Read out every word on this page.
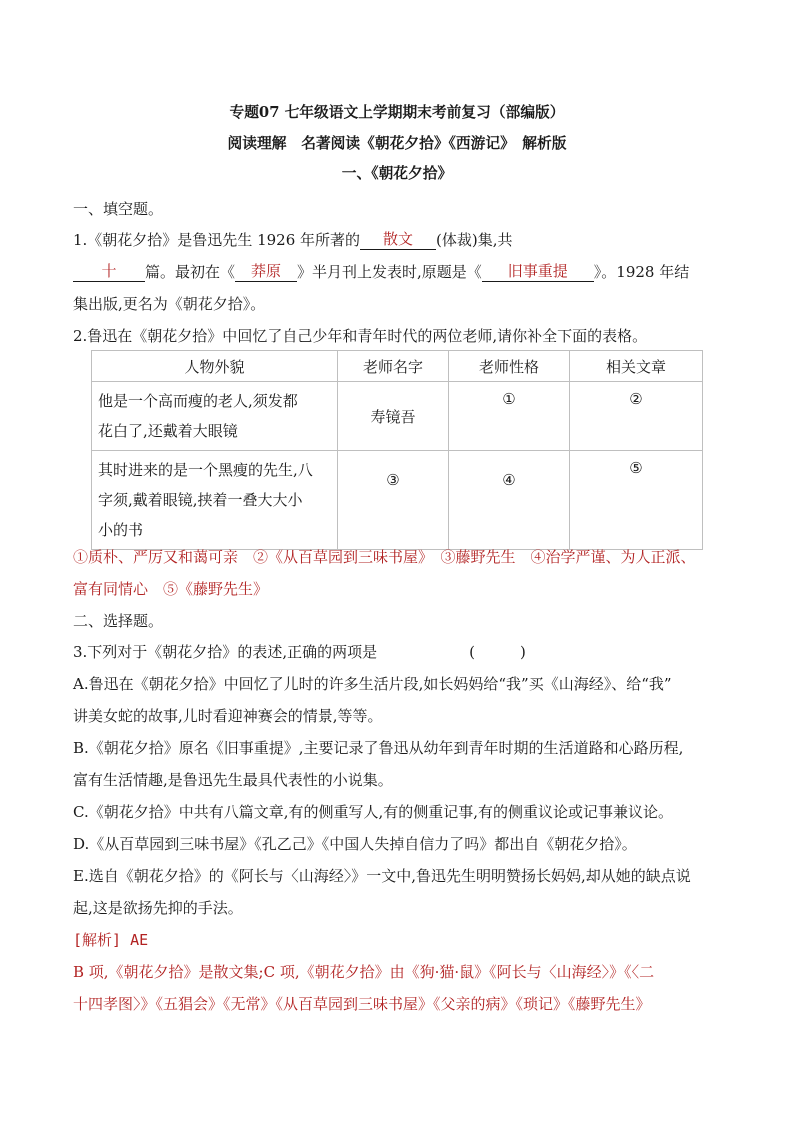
专题07 七年级语文上学期期末考前复习（部编版）
阅读理解　名著阅读《朝花夕拾》《西游记》　解析版
一、《朝花夕拾》
一、填空题。
1.《朝花夕拾》是鲁迅先生 1926 年所著的 散文 (体裁)集,共
十 篇。最初在《 莽原 》半月刊上发表时,原题是《 旧事重提 》。1928 年结
集出版,更名为《朝花夕拾》。
2.鲁迅在《朝花夕拾》中回忆了自己少年和青年时代的两位老师,请你补全下面的表格。
人物外貌	老师名字	老师性格	相关文章

他是一个高而瘦的老人,须发都
花白了,还戴着大眼镜	寿镜吾	①	②

其时进来的是一个黑瘦的先生,八
字须,戴着眼镜,挟着一叠大大小
小的书	③	④	⑤
①质朴、严厉又和蔼可亲　②《从百草园到三味书屋》　③藤野先生　④治学严谨、为人正派、
富有同情心　⑤《藤野先生》
二、选择题。
3.下列对于《朝花夕拾》的表述,正确的两项是	(　　　)
A.鲁迅在《朝花夕拾》中回忆了儿时的许多生活片段,如长妈妈给“我”买《山海经》、给“我”
讲美女蛇的故事,儿时看迎神赛会的情景,等等。
B.《朝花夕拾》原名《旧事重提》,主要记录了鲁迅从幼年到青年时期的生活道路和心路历程,
富有生活情趣,是鲁迅先生最具代表性的小说集。
C.《朝花夕拾》中共有八篇文章,有的侧重写人,有的侧重记事,有的侧重议论或记事兼议论。
D.《从百草园到三味书屋》《孔乙己》《中国人失掉自信力了吗》都出自《朝花夕拾》。
E.选自《朝花夕拾》的《阿长与〈山海经〉》一文中,鲁迅先生明明赞扬长妈妈,却从她的缺点说
起,这是欲扬先抑的手法。
[解析] AE
B 项,《朝花夕拾》是散文集;C 项,《朝花夕拾》由《狗·猫·鼠》《阿长与〈山海经〉》《〈二
十四孝图〉》《五猖会》《无常》《从百草园到三味书屋》《父亲的病》《琐记》《藤野先生》
